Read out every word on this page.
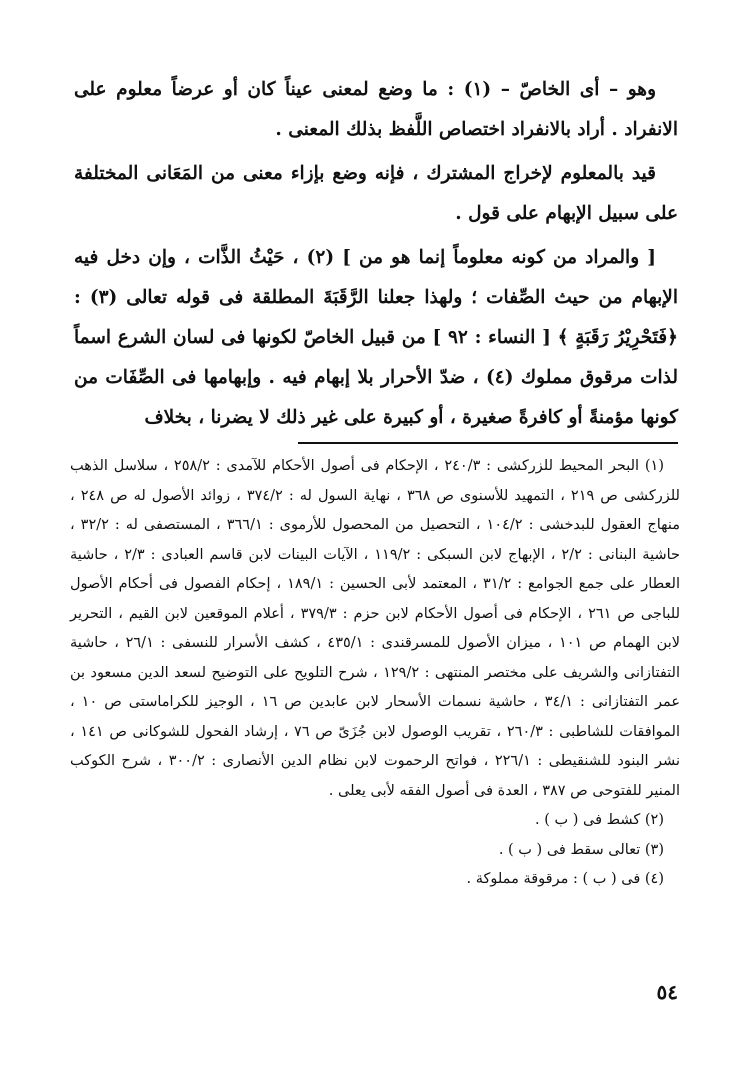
وهو – أى الخاصّ – (١) : ما وضع لمعنى عيناً كان أو عرضاً معلوم على الانفراد . أراد بالانفراد اختصاص اللَّفظ بذلك المعنى .

قيد بالمعلوم لإخراج المشترك ، فإنه وضع بإزاء معنى من المَعَانى المختلفة على سبيل الإبهام على قول .

[ والمراد من كونه معلوماً إنما هو من ] (٢) ، حَيْثُ الذَّات ، وإن دخل فيه الإبهام من حيث الصِّفات ؛ ولهذا جعلنا الرَّقَبَةَ المطلقة فى قوله تعالى (٣) : ﴿فَتَحْرِيْرُ رَقَبَةٍ ﴾ [ النساء : ٩٢ ] من قبيل الخاصّ لكونها فى لسان الشرع اسماً لذات مرقوق مملوك (٤) ، ضدّ الأحرار بلا إبهام فيه . وإبهامها فى الصِّفَات من كونها مؤمنةً أو كافرةً صغيرة ، أو كبيرة على غير ذلك لا يضرنا ، بخلاف

(١) البحر المحيط للزركشى : ٢٤٠/٣ ، الإحكام فى أصول الأحكام للآمدى : ٢٥٨/٢ ، سلاسل الذهب للزركشى ص ٢١٩ ، التمهيد للأسنوى ص ٣٦٨ ، نهاية السول له : ٣٧٤/٢ ، زوائد الأصول له ص ٢٤٨ ، منهاج العقول للبدخشى : ١٠٤/٢ ، التحصيل من المحصول للأرموى : ٣٦٦/١ ، المستصفى له : ٣٢/٢ ، حاشية البنانى : ٢/٢ ، الإبهاج لابن السبكى : ١١٩/٢ ، الآيات البينات لابن قاسم العبادى : ٢/٣ ، حاشية العطار على جمع الجوامع : ٣١/٢ ، المعتمد لأبى الحسين : ١٨٩/١ ، إحكام الفصول فى أحكام الأصول للباجى ص ٢٦١ ، الإحكام فى أصول الأحكام لابن حزم : ٣٧٩/٣ ، أعلام الموقعين لابن القيم ، التحرير لابن الهمام ص ١٠١ ، ميزان الأصول للمسرقندى : ٤٣٥/١ ، كشف الأسرار للنسفى : ٢٦/١ ، حاشية التفتازانى والشريف على مختصر المنتهى : ١٢٩/٢ ، شرح التلويح على التوضيح لسعد الدين مسعود بن عمر التفتازانى : ٣٤/١ ، حاشية نسمات الأسحار لابن عابدين ص ١٦ ، الوجيز للكراماستى ص ١٠ ، الموافقات للشاطبى : ٢٦٠/٣ ، تقريب الوصول لابن جُزَىّ ص ٧٦ ، إرشاد الفحول للشوكانى ص ١٤١ ، نشر البنود للشنقيطى : ٢٢٦/١ ، فواتح الرحموت لابن نظام الدين الأنصارى : ٣٠٠/٢ ، شرح الكوكب المنير للفتوحى ص ٣٨٧ ، العدة فى أصول الفقه لأبى يعلى .

(٢) كشط فى ( ب ) .

(٣) تعالى سقط فى ( ب ) .

(٤) فى ( ب ) : مرقوقة مملوكة .

٥٤
